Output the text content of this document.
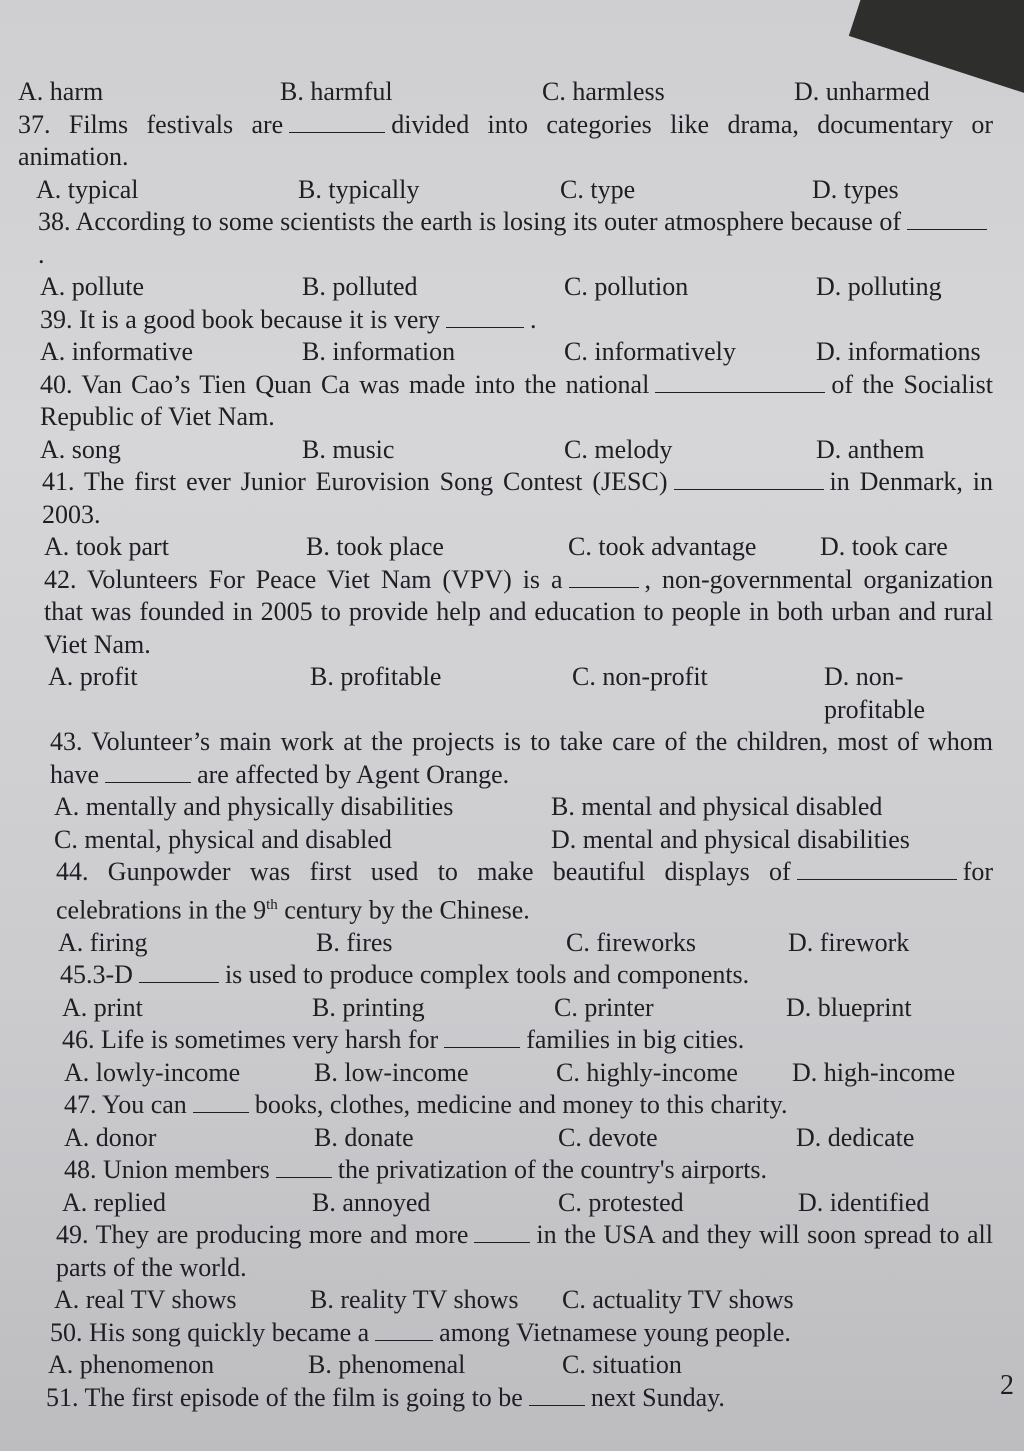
A. harm	B. harmful	C. harmless	D. unharmed
37. Films festivals are	divided into categories like drama, documentary or animation.
A. typical	B. typically	C. type	D. types
38. According to some scientists the earth is losing its outer atmosphere because of.
A. pollute	B. polluted	C. pollution	D. polluting
39. It is a good book because it is very	.
A. informative	B. information	C. informatively	D. informations
40. Van Cao’s Tien Quan Ca was made into the national	of the Socialist Republic of Viet Nam.
A. song	B. music	C. melody	D. anthem
41. The first ever Junior Eurovision Song Contest (JESC)	in Denmark, in 2003.
A. took part	B. took place	C. took advantage	D. took care
42. Volunteers For Peace Viet Nam (VPV) is a	, non-governmental organization that was founded in 2005 to provide help and education to people in both urban and rural Viet Nam.
A. profit	B. profitable	C. non-profit	D. non- profitable
43. Volunteer’s main work at the projects is to take care of the children, most of whom have	are affected by Agent Orange.
A. mentally and physically disabilities	B. mental and physical disabled
C. mental, physical and disabled	D. mental and physical disabilities
44. Gunpowder was first used to make beautiful displays of	for celebrations in the 9th century by the Chinese.
A. firing	B. fires	C. fireworks	D. firework
45.3-D	is used to produce complex tools and components.
A. print	B. printing	C. printer	D. blueprint
46. Life is sometimes very harsh for	families in big cities.
A. lowly-income	B. low-income	C. highly-income	D. high-income
47. You can	books, clothes, medicine and money to this charity.
A. donor	B. donate	C. devote	D. dedicate
48. Union members	the privatization of the country's airports.
A. replied	B. annoyed	C. protested	D. identified
49. They are producing more and more	in the USA and they will soon spread to all parts of the world.
A. real TV shows	B. reality TV shows	C. actuality TV shows
50. His song quickly became a	among Vietnamese young people.
A. phenomenon	B. phenomenal	C. situation
51. The first episode of the film is going to be	next Sunday.	2
